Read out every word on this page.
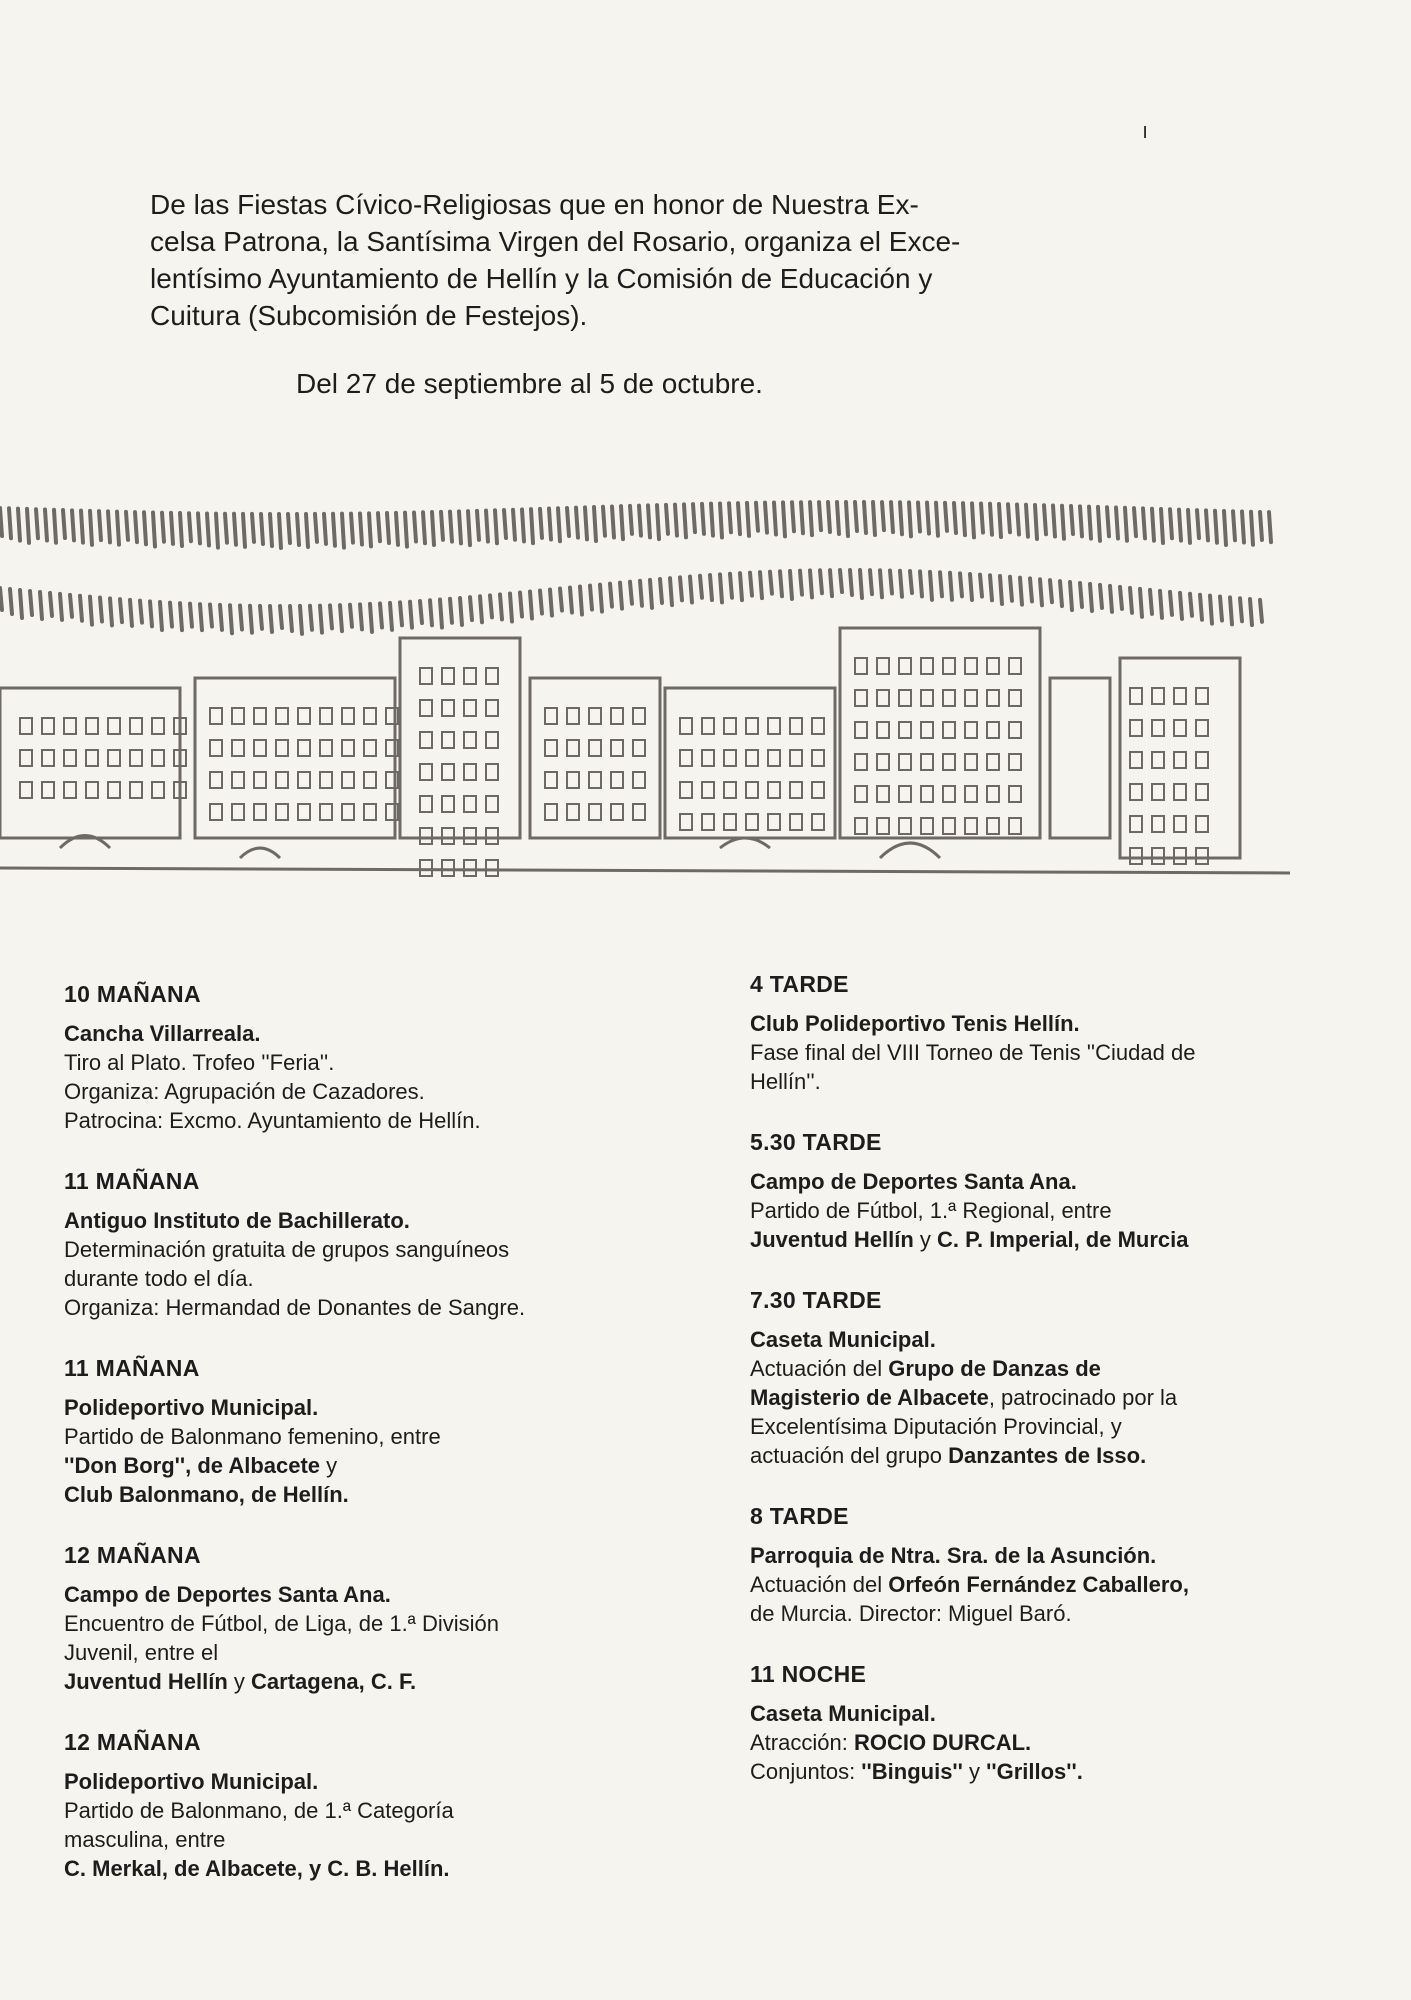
ı
De las Fiestas Cívico-Religiosas que en honor de Nuestra Ex-
celsa Patrona, la Santísima Virgen del Rosario, organiza el Exce-
lentísimo Ayuntamiento de Hellín y la Comisión de Educación y
Cuitura (Subcomisión de Festejos).
Del 27 de septiembre al 5 de octubre.
10 MAÑANA
Cancha Villarreala.
Tiro al Plato. Trofeo ''Feria''.
Organiza: Agrupación de Cazadores.
Patrocina: Excmo. Ayuntamiento de Hellín.
11 MAÑANA
Antiguo Instituto de Bachillerato.
Determinación gratuita de grupos sanguíneos
durante todo el día.
Organiza: Hermandad de Donantes de Sangre.
11 MAÑANA
Polideportivo Municipal.
Partido de Balonmano femenino, entre
''Don Borg'', de Albacete y
Club Balonmano, de Hellín.
12 MAÑANA
Campo de Deportes Santa Ana.
Encuentro de Fútbol, de Liga, de 1.ª División
Juvenil, entre el
Juventud Hellín y Cartagena, C. F.
12 MAÑANA
Polideportivo Municipal.
Partido de Balonmano, de 1.ª Categoría
masculina, entre
C. Merkal, de Albacete, y C. B. Hellín.
4 TARDE
Club Polideportivo Tenis Hellín.
Fase final del VIII Torneo de Tenis ''Ciudad de
Hellín''.
5.30 TARDE
Campo de Deportes Santa Ana.
Partido de Fútbol, 1.ª Regional, entre
Juventud Hellín y C. P. Imperial, de Murcia
7.30 TARDE
Caseta Municipal.
Actuación del Grupo de Danzas de
Magisterio de Albacete, patrocinado por la
Excelentísima Diputación Provincial, y
actuación del grupo Danzantes de Isso.
8 TARDE
Parroquia de Ntra. Sra. de la Asunción.
Actuación del Orfeón Fernández Caballero,
de Murcia. Director: Miguel Baró.
11 NOCHE
Caseta Municipal.
Atracción: ROCIO DURCAL.
Conjuntos: ''Binguis'' y ''Grillos''.
